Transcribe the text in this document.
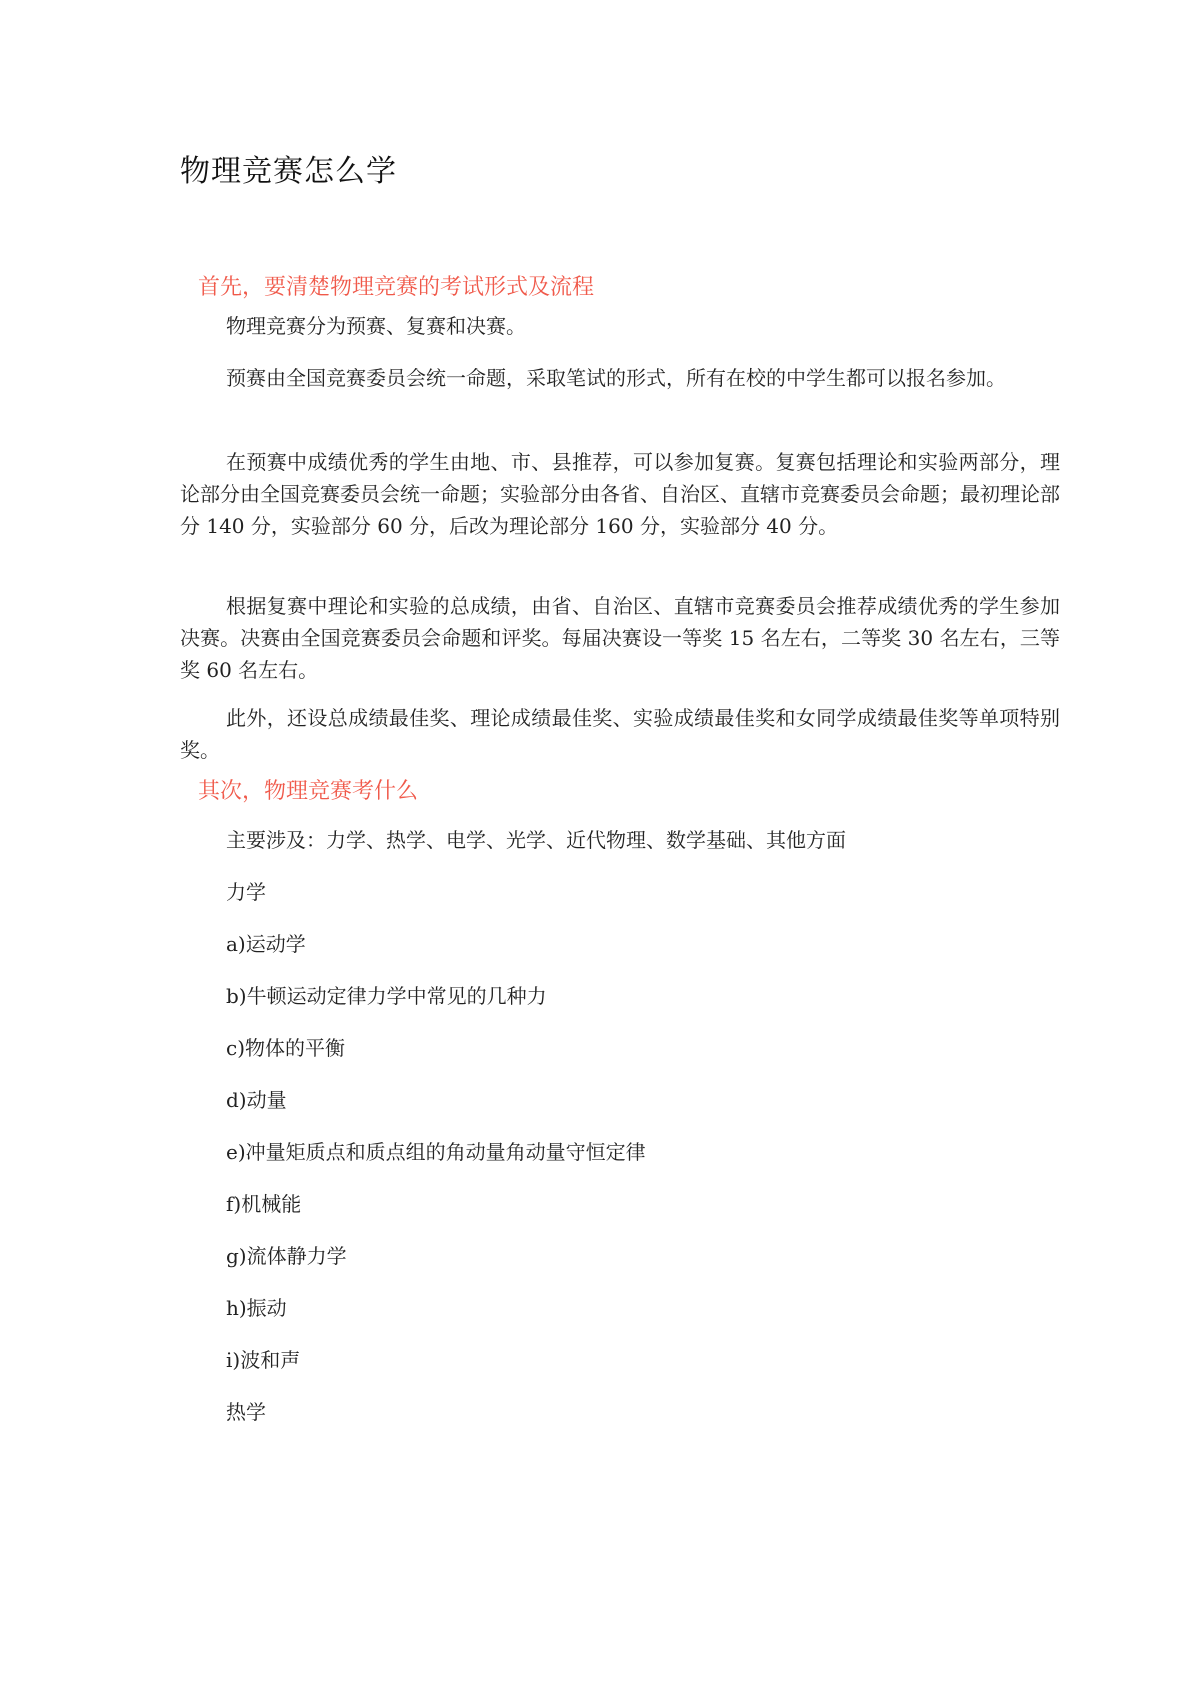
物理竞赛怎么学
首先，要清楚物理竞赛的考试形式及流程

物理竞赛分为预赛、复赛和决赛。

预赛由全国竞赛委员会统一命题，采取笔试的形式，所有在校的中学生都可以报名参加。

在预赛中成绩优秀的学生由地、市、县推荐，可以参加复赛。复赛包括理论和实验两部分，理论部分由全国竞赛委员会统一命题；实验部分由各省、自治区、直辖市竞赛委员会命题；最初理论部分 140 分，实验部分 60 分，后改为理论部分 160 分，实验部分 40 分。

根据复赛中理论和实验的总成绩，由省、自治区、直辖市竞赛委员会推荐成绩优秀的学生参加决赛。决赛由全国竞赛委员会命题和评奖。每届决赛设一等奖 15 名左右，二等奖 30 名左右，三等奖 60 名左右。

此外，还设总成绩最佳奖、理论成绩最佳奖、实验成绩最佳奖和女同学成绩最佳奖等单项特别奖。

其次，物理竞赛考什么

主要涉及：力学、热学、电学、光学、近代物理、数学基础、其他方面

力学

a)运动学

b)牛顿运动定律力学中常见的几种力

c)物体的平衡

d)动量

e)冲量矩质点和质点组的角动量角动量守恒定律

f)机械能

g)流体静力学

h)振动

i)波和声

热学
